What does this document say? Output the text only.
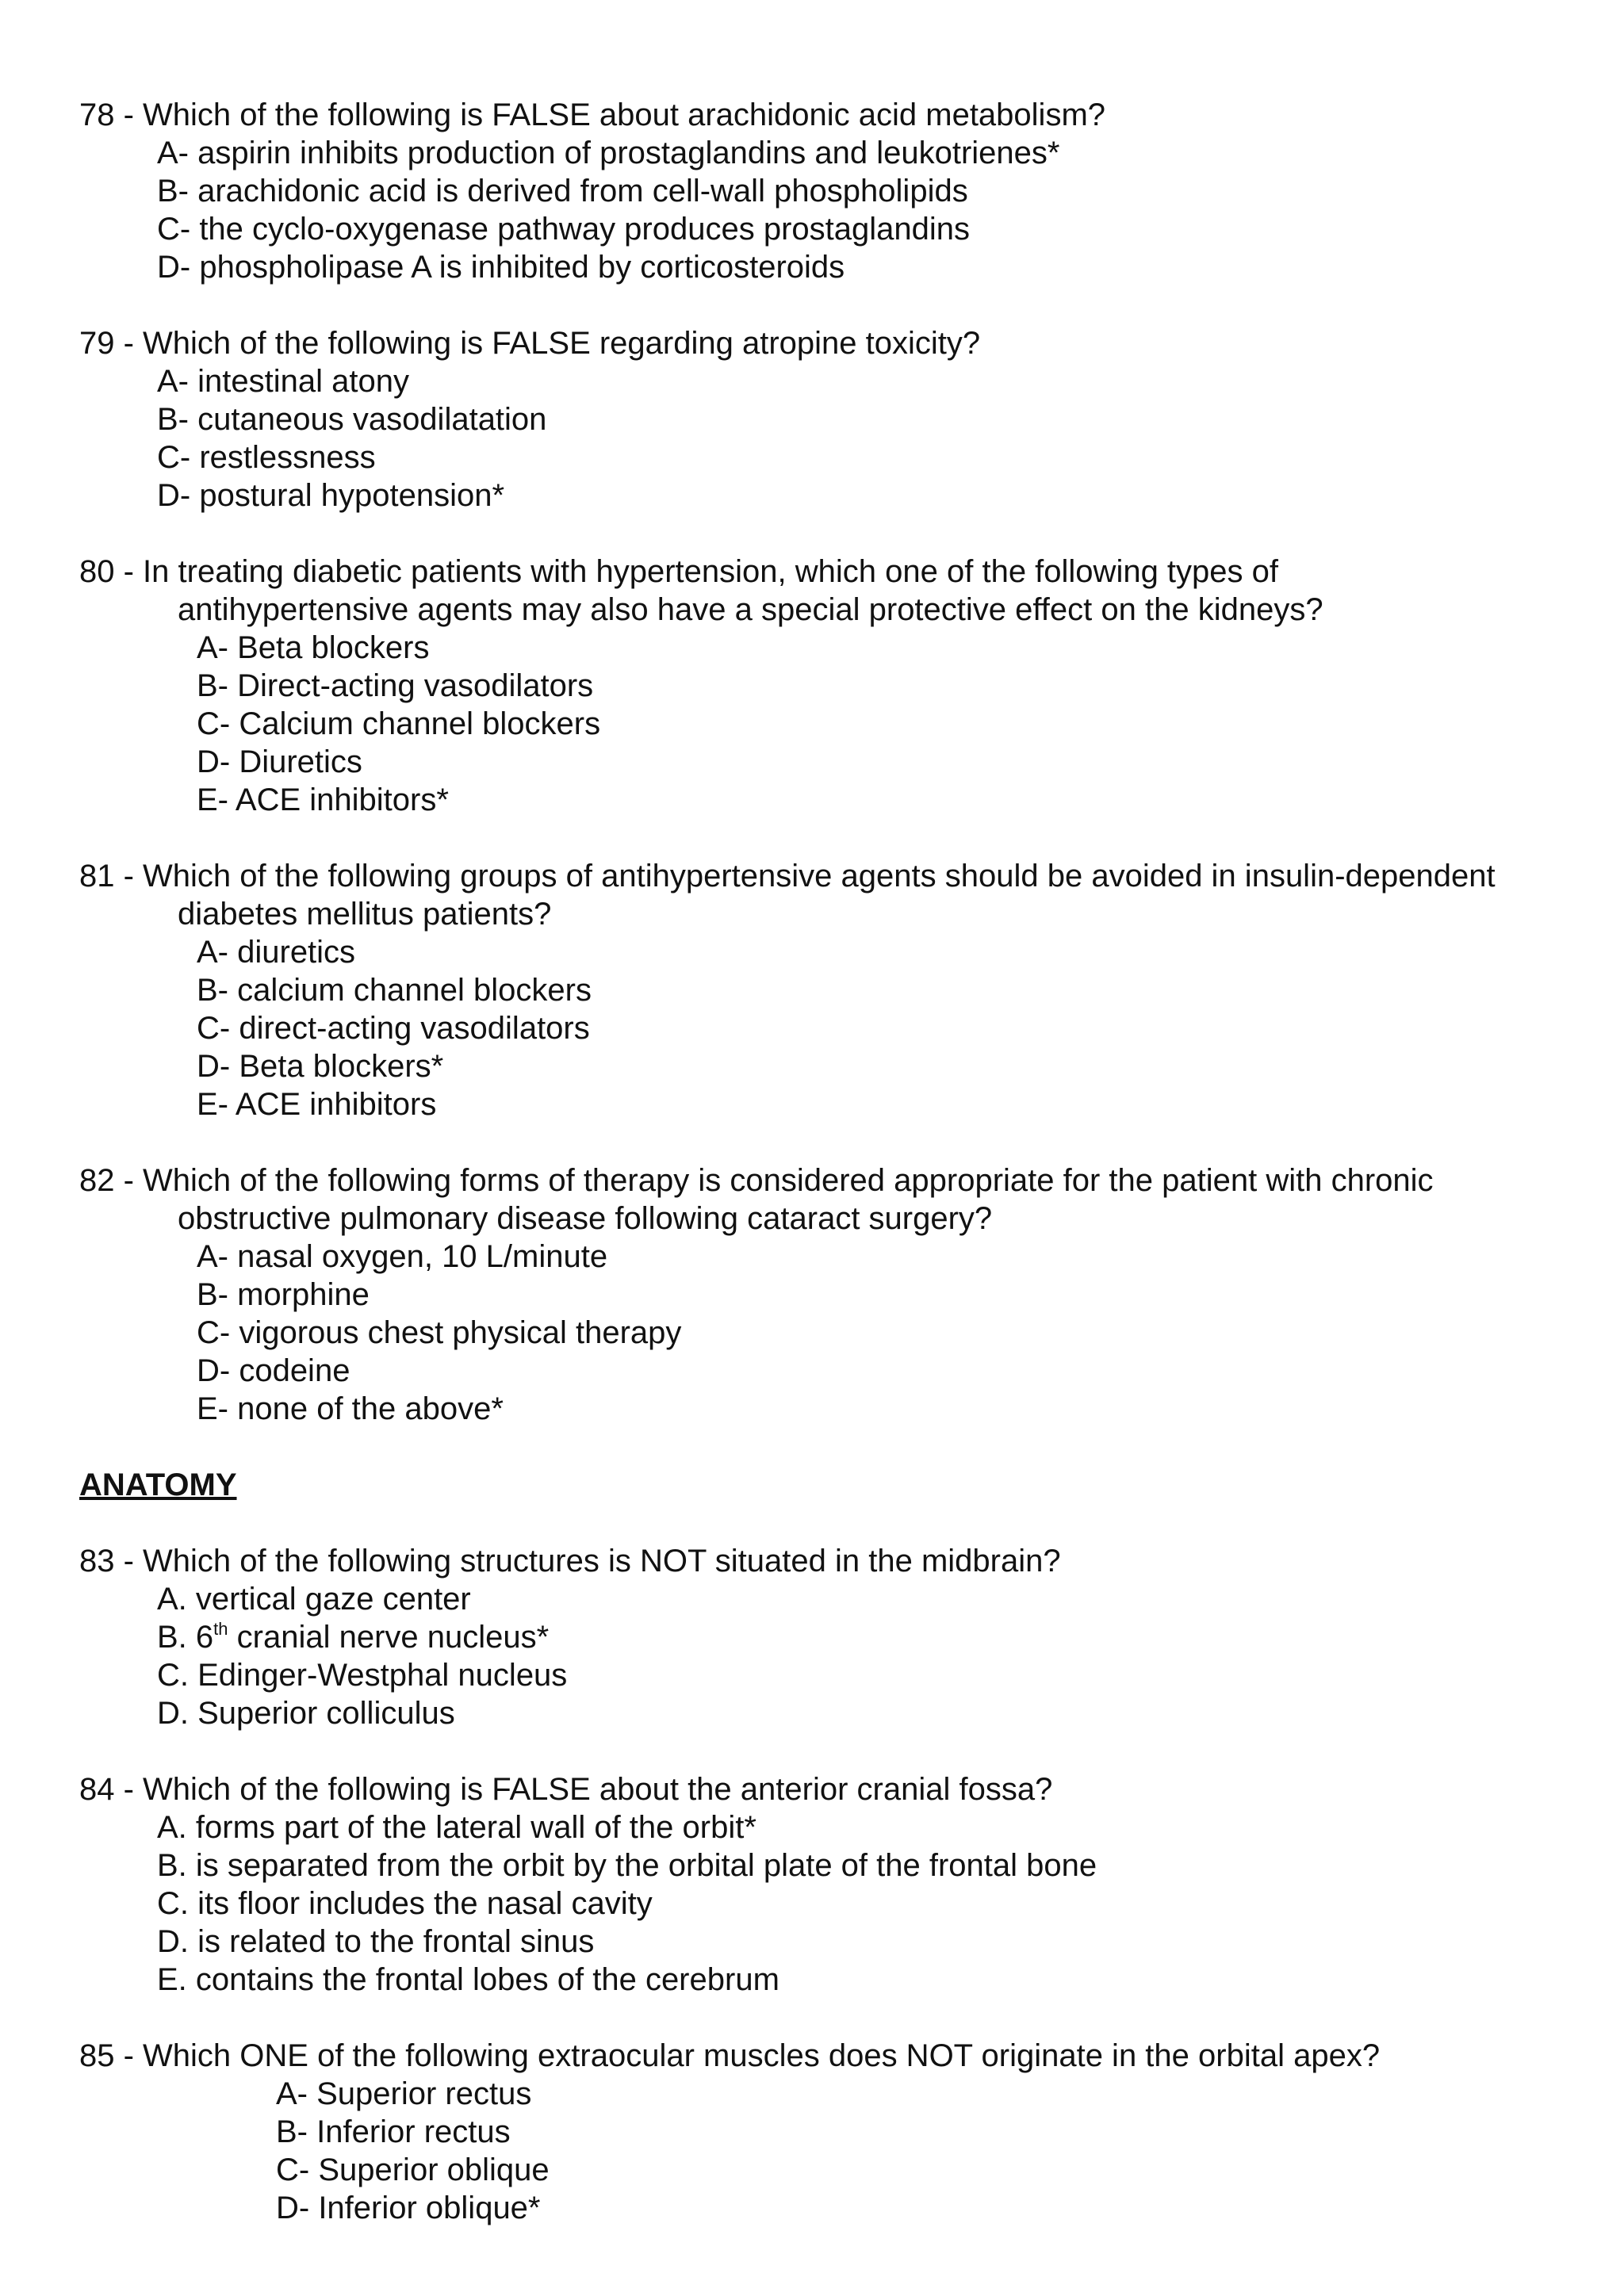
78 - Which of the following is FALSE about arachidonic acid metabolism?
A- aspirin inhibits production of prostaglandins and leukotrienes*
B- arachidonic acid is derived from cell-wall phospholipids
C- the cyclo-oxygenase pathway produces prostaglandins
D- phospholipase A is inhibited by corticosteroids
79 - Which of the following is FALSE regarding atropine toxicity?
A- intestinal atony
B- cutaneous vasodilatation
C- restlessness
D- postural hypotension*
80 - In treating diabetic patients with hypertension, which one of the following types of
antihypertensive agents may also have a special protective effect on the kidneys?
A- Beta blockers
B- Direct-acting vasodilators
C- Calcium channel blockers
D- Diuretics
E- ACE inhibitors*
81 - Which of the following groups of antihypertensive agents should be avoided in insulin-dependent
diabetes mellitus patients?
A- diuretics
B- calcium channel blockers
C- direct-acting vasodilators
D- Beta blockers*
E- ACE inhibitors
82 - Which of the following forms of therapy is considered appropriate for the patient with chronic
obstructive pulmonary disease following cataract surgery?
A- nasal oxygen, 10 L/minute
B- morphine
C- vigorous chest physical therapy
D- codeine
E- none of the above*
ANATOMY
83 - Which of the following structures is NOT situated in the midbrain?
A. vertical gaze center
B. 6th cranial nerve nucleus*
C. Edinger-Westphal nucleus
D. Superior colliculus
84 - Which of the following is FALSE about the anterior cranial fossa?
A. forms part of the lateral wall of the orbit*
B. is separated from the orbit by the orbital plate of the frontal bone
C. its floor includes the nasal cavity
D. is related to the frontal sinus
E. contains the frontal lobes of the cerebrum
85 - Which ONE of the following extraocular muscles does NOT originate in the orbital apex?
A- Superior rectus
B- Inferior rectus
C- Superior oblique
D- Inferior oblique*
